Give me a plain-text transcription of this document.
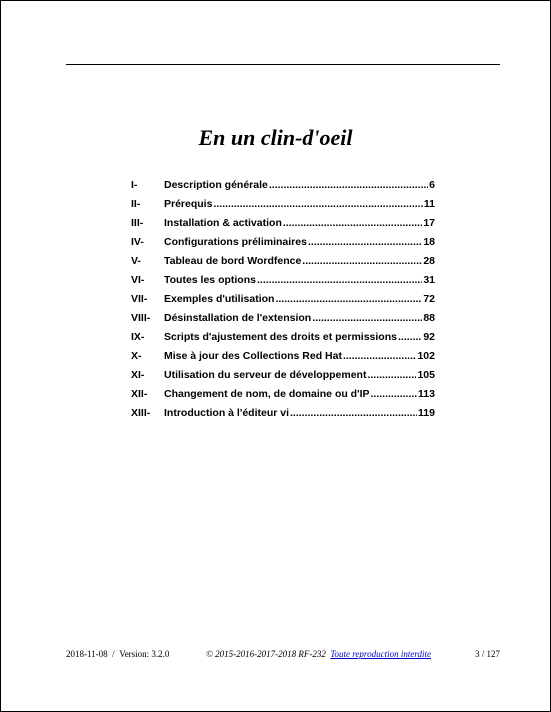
En un clin-d'oeil
I-	Description générale .....	6
II-	Prérequis .....	11
III-	Installation & activation .....	17
IV-	Configurations préliminaires .....	18
V-	Tableau de bord Wordfence .....	28
VI-	Toutes les options .....	31
VII-	Exemples d'utilisation .....	72
VIII-	Désinstallation de l'extension .....	88
IX-	Scripts d'ajustement des droits et permissions .....	92
X-	Mise à jour des Collections Red Hat .....	102
XI-	Utilisation du serveur de développement .....	105
XII-	Changement de nom, de domaine ou d'IP .....	113
XIII-	Introduction à l'éditeur vi .....	119
2018-11-08 / Version: 3.2.0	© 2015-2016-2017-2018 RF-232 Toute reproduction interdite	3 / 127
